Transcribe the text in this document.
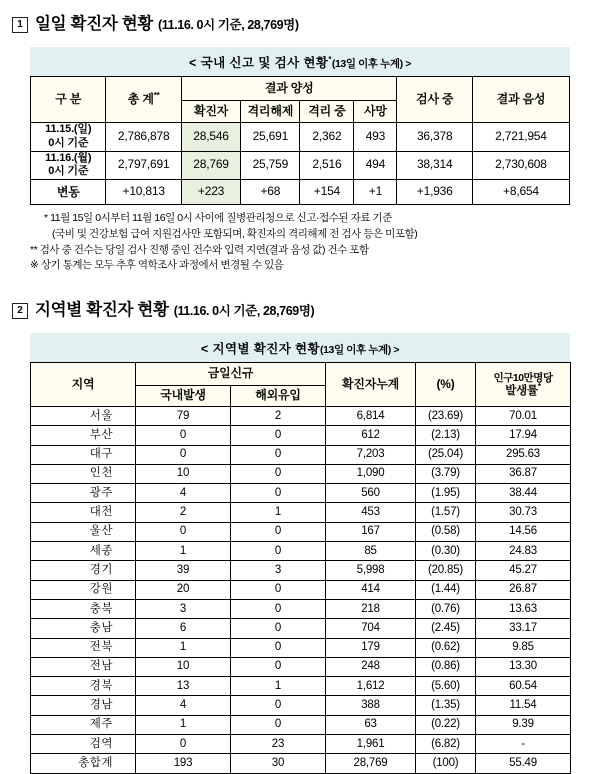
1 일일 확진자 현황 (11.16. 0시 기준, 28,769명)
< 국내 신고 및 검사 현황*(13일 이후 누계) >
구 분	총 계**	결과 양성				검사 중	결과 음성
		확진자	격리해제	격리 중	사망		
11.15.(일)
0시 기준	2,786,878	28,546	25,691	2,362	493	36,378	2,721,954
11.16.(월)
0시 기준	2,797,691	28,769	25,759	2,516	494	38,314	2,730,608
변동	+10,813	+223	+68	+154	+1	+1,936	+8,654
* 11월 15일 0시부터 11월 16일 0시 사이에 질병관리청으로 신고·접수된 자료 기준
(국비 및 건강보험 급여 지원검사만 포함되며, 확진자의 격리해제 전 검사 등은 미포함)
** 검사 중 건수는 당일 검사 진행 중인 건수와 입력 지연(결과 음성 값) 건수 포함
※ 상기 통계는 모두 추후 역학조사 과정에서 변경될 수 있음
2 지역별 확진자 현황 (11.16. 0시 기준, 28,769명)
< 지역별 확진자 현황(13일 이후 누계) >
지역	금일신규		확진자누계	(%)	인구10만명당
발생률*
	국내발생	해외유입			
서울	79	2	6,814	(23.69)	70.01
부산	0	0	612	(2.13)	17.94
대구	0	0	7,203	(25.04)	295.63
인천	10	0	1,090	(3.79)	36.87
광주	4	0	560	(1.95)	38.44
대전	2	1	453	(1.57)	30.73
울산	0	0	167	(0.58)	14.56
세종	1	0	85	(0.30)	24.83
경기	39	3	5,998	(20.85)	45.27
강원	20	0	414	(1.44)	26.87
충북	3	0	218	(0.76)	13.63
충남	6	0	704	(2.45)	33.17
전북	1	0	179	(0.62)	9.85
전남	10	0	248	(0.86)	13.30
경북	13	1	1,612	(5.60)	60.54
경남	4	0	388	(1.35)	11.54
제주	1	0	63	(0.22)	9.39
검역	0	23	1,961	(6.82)	-
총합계	193	30	28,769	(100)	55.49
